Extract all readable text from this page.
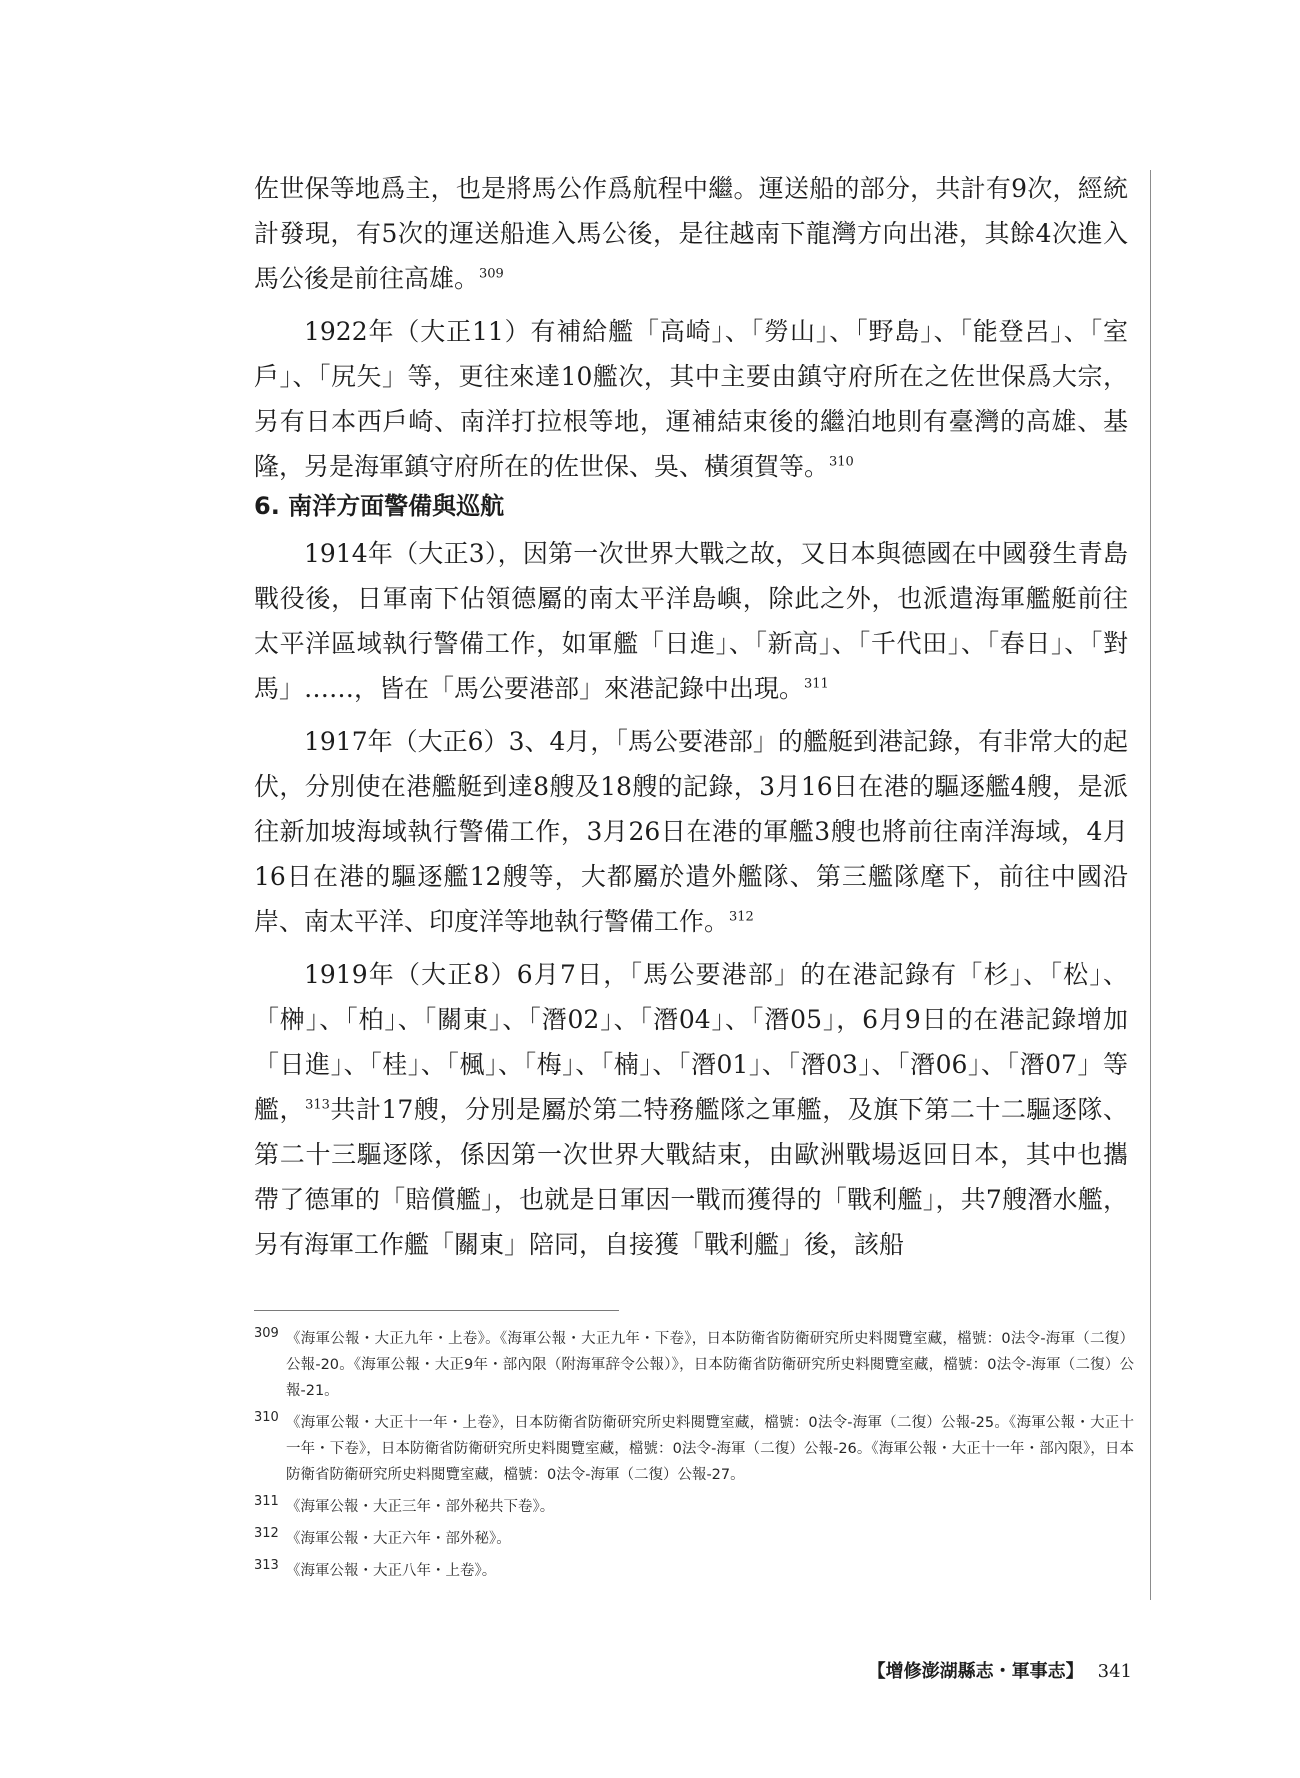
佐世保等地爲主，也是將馬公作爲航程中繼。運送船的部分，共計有9次，經統計發現，有5次的運送船進入馬公後，是往越南下龍灣方向出港，其餘4次進入馬公後是前往高雄。$^{309}$

1922年（大正11）有補給艦「高崎」、「勞山」、「野島」、「能登呂」、「室戶」、「尻矢」等，更往來達10艦次，其中主要由鎮守府所在之佐世保爲大宗，另有日本西戶崎、南洋打拉根等地，運補結束後的繼泊地則有臺灣的高雄、基隆，另是海軍鎮守府所在的佐世保、吳、橫須賀等。$^{310}$

6. 南洋方面警備與巡航

1914年（大正3），因第一次世界大戰之故，又日本與德國在中國發生青島戰役後，日軍南下佔領德屬的南太平洋島嶼，除此之外，也派遣海軍艦艇前往太平洋區域執行警備工作，如軍艦「日進」、「新高」、「千代田」、「春日」、「對馬」……，皆在「馬公要港部」來港記錄中出現。$^{311}$

1917年（大正6）3、4月，「馬公要港部」的艦艇到港記錄，有非常大的起伏，分別使在港艦艇到達8艘及18艘的記錄，3月16日在港的驅逐艦4艘，是派往新加坡海域執行警備工作，3月26日在港的軍艦3艘也將前往南洋海域，4月16日在港的驅逐艦12艘等，大都屬於遣外艦隊、第三艦隊麾下，前往中國沿岸、南太平洋、印度洋等地執行警備工作。$^{312}$

1919年（大正8）6月7日，「馬公要港部」的在港記錄有「杉」、「松」、「榊」、「柏」、「關東」、「潛02」、「潛04」、「潛05」，6月9日的在港記錄增加「日進」、「桂」、「楓」、「梅」、「楠」、「潛01」、「潛03」、「潛06」、「潛07」等艦，$^{313}$共計17艘，分別是屬於第二特務艦隊之軍艦，及旗下第二十二驅逐隊、第二十三驅逐隊，係因第一次世界大戰結束，由歐洲戰場返回日本，其中也攜帶了德軍的「賠償艦」，也就是日軍因一戰而獲得的「戰利艦」，共7艘潛水艦，另有海軍工作艦「關東」陪同，自接獲「戰利艦」後，該船

309 《海軍公報・大正九年・上卷》。《海軍公報・大正九年・下卷》，日本防衛省防衛研究所史料閱覽室藏，檔號：0法令-海軍（二復）公報-20。《海軍公報・大正9年・部內限（附海軍辞令公報）》，日本防衛省防衛研究所史料閱覽室藏，檔號：0法令-海軍（二復）公報-21。
310 《海軍公報・大正十一年・上卷》，日本防衛省防衛研究所史料閱覽室藏，檔號：0法令-海軍（二復）公報-25。《海軍公報・大正十一年・下卷》，日本防衛省防衛研究所史料閱覽室藏，檔號：0法令-海軍（二復）公報-26。《海軍公報・大正十一年・部內限》，日本防衛省防衛研究所史料閱覽室藏，檔號：0法令-海軍（二復）公報-27。
311 《海軍公報・大正三年・部外秘共下卷》。
312 《海軍公報・大正六年・部外秘》。
313 《海軍公報・大正八年・上卷》。
【增修澎湖縣志・軍事志】 341
